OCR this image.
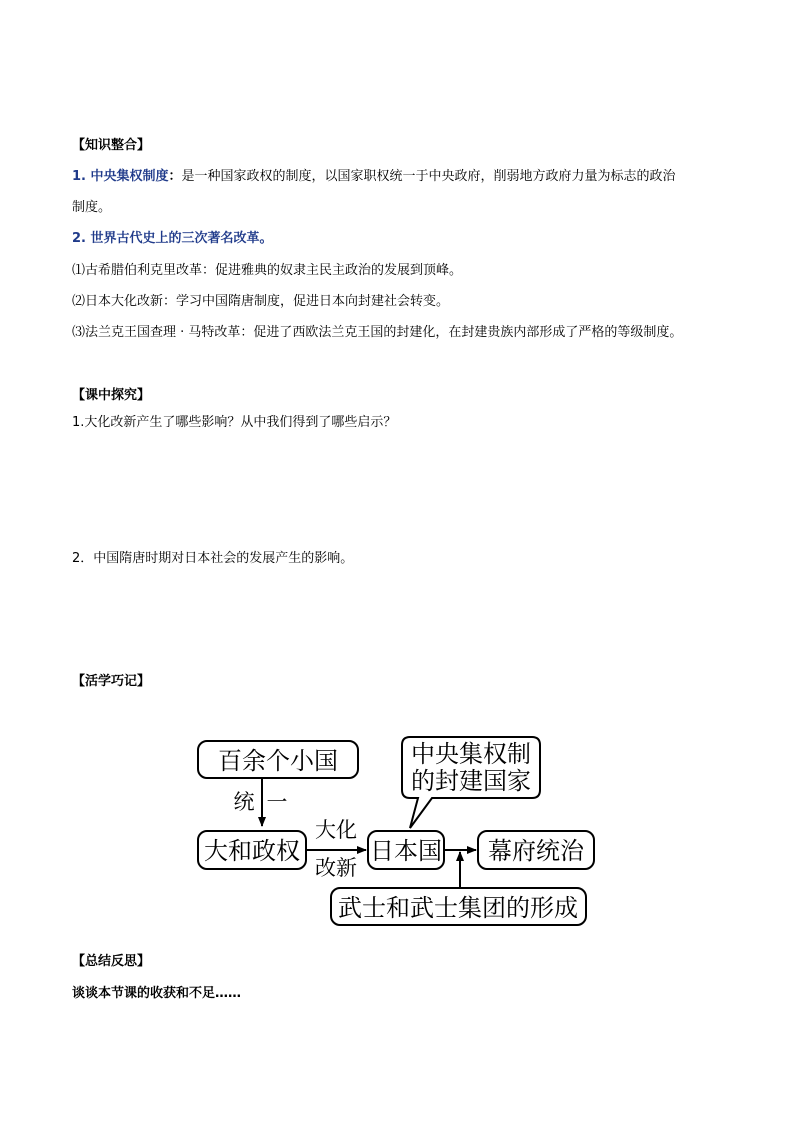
【知识整合】
1. 中央集权制度：是一种国家政权的制度，以国家职权统一于中央政府，削弱地方政府力量为标志的政治
制度。
2. 世界古代史上的三次著名改革。
⑴古希腊伯利克里改革：促进雅典的奴隶主民主政治的发展到顶峰。
⑵日本大化改新：学习中国隋唐制度，促进日本向封建社会转变。
⑶法兰克王国查理 · 马特改革：促进了西欧法兰克王国的封建化，在封建贵族内部形成了严格的等级制度。
【课中探究】
1.大化改新产生了哪些影响？从中我们得到了哪些启示？
2．中国隋唐时期对日本社会的发展产生的影响。
【活学巧记】
百余个小国
统 一
大和政权
大化
改新
中央集权制
的封建国家
日本国 幕府统治
武士和武士集团的形成
【总结反思】
谈谈本节课的收获和不足……
